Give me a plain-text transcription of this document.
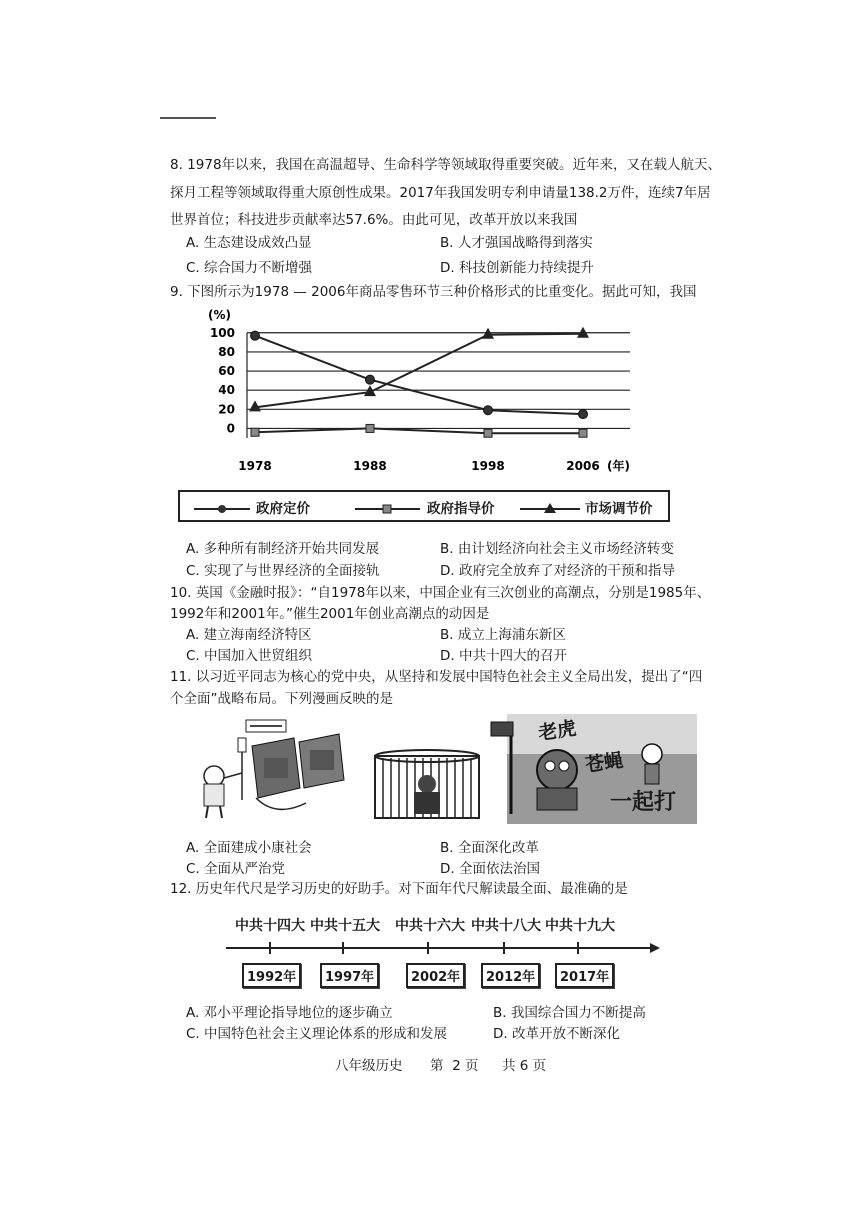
8. 1978年以来，我国在高温超导、生命科学等领域取得重要突破。近年来，又在载人航天、
探月工程等领域取得重大原创性成果。2017年我国发明专利申请量138.2万件，连续7年居
世界首位；科技进步贡献率达57.6%。由此可见，改革开放以来我国
A. 生态建设成效凸显	B. 人才强国战略得到落实
C. 综合国力不断增强	D. 科技创新能力持续提升
9. 下图所示为1978 — 2006年商品零售环节三种价格形式的比重变化。据此可知，我国
(%)
100
80
60
40
20
0
1978	1988	1998	2006 (年)
政府定价	政府指导价	市场调节价
A. 多种所有制经济开始共同发展	B. 由计划经济向社会主义市场经济转变
C. 实现了与世界经济的全面接轨	D. 政府完全放弃了对经济的干预和指导
10. 英国《金融时报》：“自1978年以来，中国企业有三次创业的高潮点，分别是1985年、
1992年和2001年。”催生2001年创业高潮点的动因是
A. 建立海南经济特区	B. 成立上海浦东新区
C. 中国加入世贸组织	D. 中共十四大的召开
11. 以习近平同志为核心的党中央，从坚持和发展中国特色社会主义全局出发，提出了“四
个全面”战略布局。下列漫画反映的是
老虎
苍蝇
一起打
A. 全面建成小康社会	B. 全面深化改革
C. 全面从严治党	D. 全面依法治国
12. 历史年代尺是学习历史的好助手。对下面年代尺解读最全面、最准确的是
中共十四大 中共十五大 中共十六大 中共十八大 中共十九大
1992年	1997年	2002年	2012年	2017年
A. 邓小平理论指导地位的逐步确立	B. 我国综合国力不断提高
C. 中国特色社会主义理论体系的形成和发展	D. 改革开放不断深化
八年级历史 第  2 页 共 6 页
